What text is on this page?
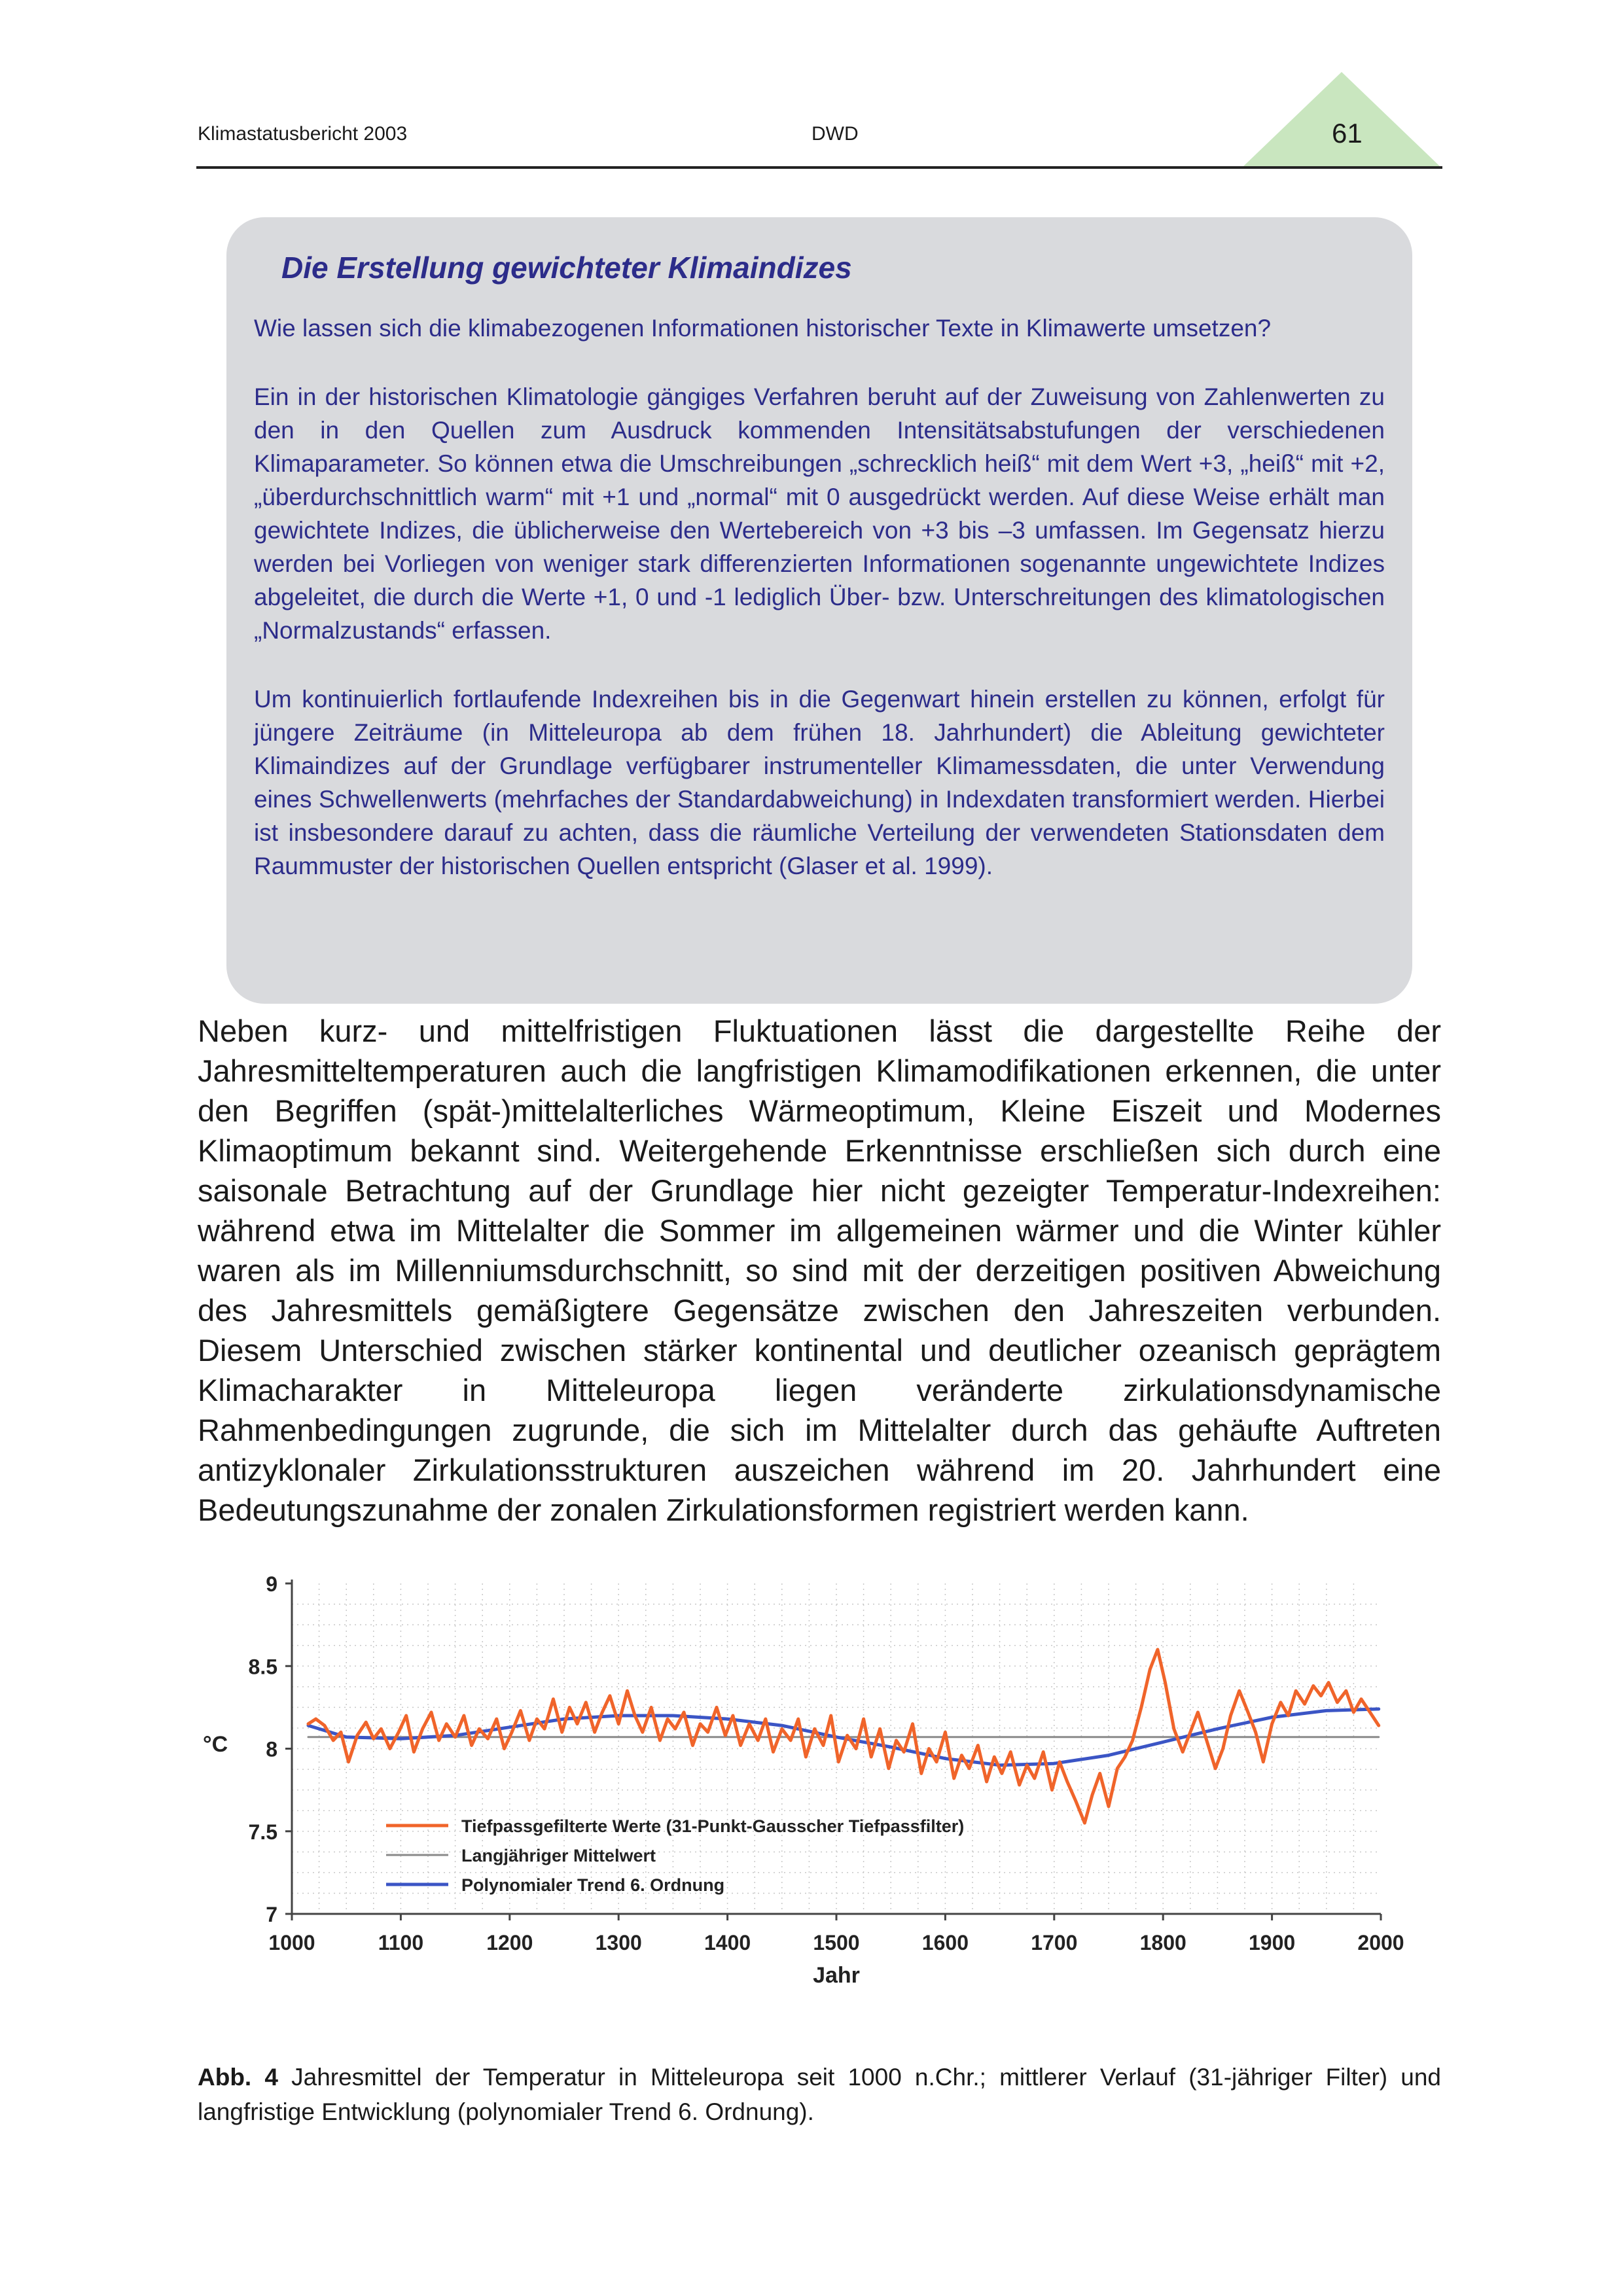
Klimastatusbericht 2003	DWD	61
Die Erstellung gewichteter Klimaindizes

Wie lassen sich die klimabezogenen Informationen historischer Texte in Klimawerte umsetzen?

Ein in der historischen Klimatologie gängiges Verfahren beruht auf der Zuweisung von Zahlenwerten zu den in den Quellen zum Ausdruck kommenden Intensitätsabstufungen der verschiedenen Klimaparameter. So können etwa die Umschreibungen „schrecklich heiß“ mit dem Wert +3, „heiß“ mit +2, „überdurchschnittlich warm“ mit +1 und „normal“ mit 0 ausgedrückt werden. Auf diese Weise erhält man gewichtete Indizes, die üblicherweise den Wertebereich von +3 bis –3 umfassen. Im Gegensatz hierzu werden bei Vorliegen von weniger stark differenzierten Informationen sogenannte ungewichtete Indizes abgeleitet, die durch die Werte +1, 0 und -1 lediglich Über- bzw. Unterschreitungen des klimatologischen „Normalzustands“ erfassen.

Um kontinuierlich fortlaufende Indexreihen bis in die Gegenwart hinein erstellen zu können, erfolgt für jüngere Zeiträume (in Mitteleuropa ab dem frühen 18. Jahrhundert) die Ableitung gewichteter Klimaindizes auf der Grundlage verfügbarer instrumenteller Klimamessdaten, die unter Verwendung eines Schwellenwerts (mehrfaches der Standardabweichung) in Indexdaten transformiert werden. Hierbei ist insbesondere darauf zu achten, dass die räumliche Verteilung der verwendeten Stationsdaten dem Raummuster der historischen Quellen entspricht (Glaser et al. 1999).

Neben kurz- und mittelfristigen Fluktuationen lässt die dargestellte Reihe der Jahresmitteltemperaturen auch die langfristigen Klimamodifikationen erkennen, die unter den Begriffen (spät-)mittelalterliches Wärmeoptimum, Kleine Eiszeit und Modernes Klimaoptimum bekannt sind. Weitergehende Erkenntnisse erschließen sich durch eine saisonale Betrachtung auf der Grundlage hier nicht gezeigter Temperatur-Indexreihen: während etwa im Mittelalter die Sommer im allgemeinen wärmer und die Winter kühler waren als im Millenniumsdurchschnitt, so sind mit der derzeitigen positiven Abweichung des Jahresmittels gemäßigtere Gegensätze zwischen den Jahreszeiten verbunden. Diesem Unterschied zwischen stärker kontinental und deutlicher ozeanisch geprägtem Klimacharakter in Mitteleuropa liegen veränderte zirkulationsdynamische Rahmenbedingungen zugrunde, die sich im Mittelalter durch das gehäufte Auftreten antizyklonaler Zirkulationsstrukturen auszeichen während im 20. Jahrhundert eine Bedeutungszunahme der zonalen Zirkulationsformen registriert werden kann.

7
7.5
8
8.5
9
1000	1100	1200	1300	1400	1500	1600	1700	1800	1900	2000
Tiefpassgefilterte Werte (31-Punkt-Gausscher Tiefpassfilter)
Langjähriger Mittelwert
Polynomialer Trend 6. Ordnung
°C
Jahr

Abb. 4 Jahresmittel der Temperatur in Mitteleuropa seit 1000 n.Chr.; mittlerer Verlauf (31-jähriger Filter) und langfristige Entwicklung (polynomialer Trend 6. Ordnung).
